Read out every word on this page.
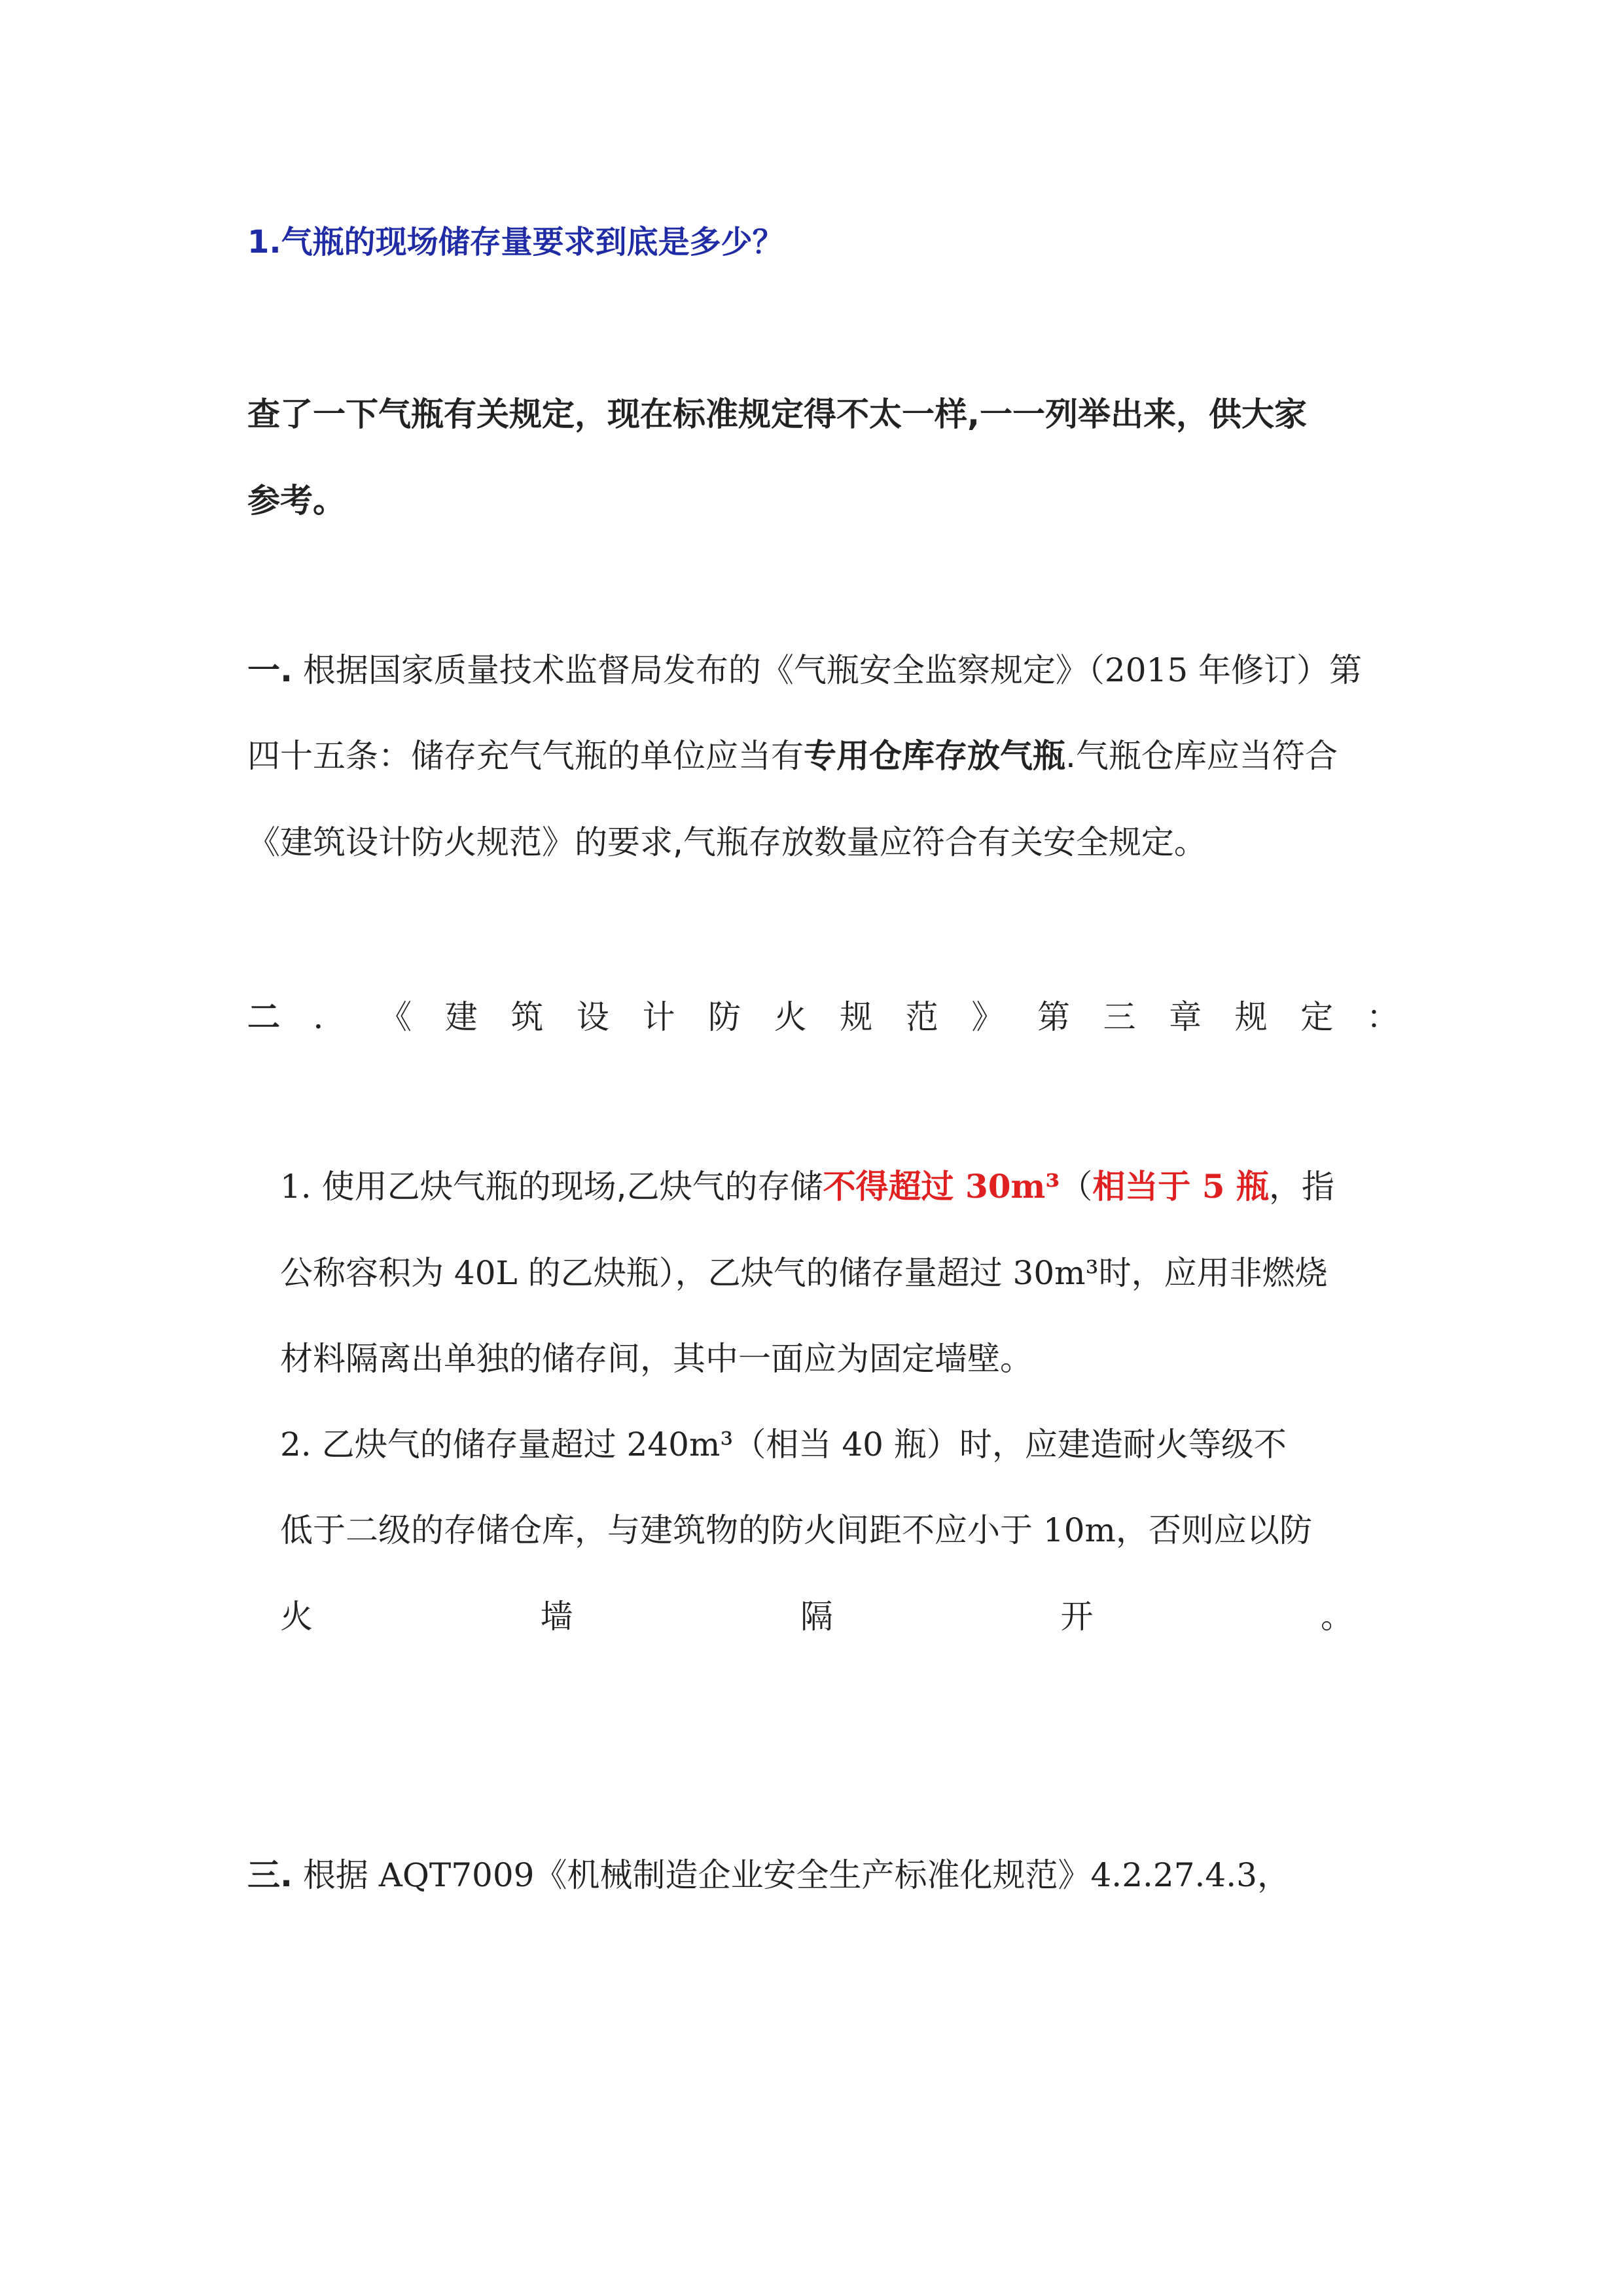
1.气瓶的现场储存量要求到底是多少？
查了一下气瓶有关规定，现在标准规定得不太一样,一一列举出来，供大家
参考。
一. 根据国家质量技术监督局发布的《气瓶安全监察规定》（2015 年修订）第
四十五条：储存充气气瓶的单位应当有专用仓库存放气瓶.气瓶仓库应当符合
《建筑设计防火规范》的要求,气瓶存放数量应符合有关安全规定。
二 ． 《 建 筑 设 计 防 火 规 范 》 第 三 章 规 定 ：
1. 使用乙炔气瓶的现场,乙炔气的存储不得超过 30m³（相当于 5 瓶，指
公称容积为 40L 的乙炔瓶），乙炔气的储存量超过 30m³时，应用非燃烧
材料隔离出单独的储存间，其中一面应为固定墙壁。
2. 乙炔气的储存量超过 240m³（相当 40 瓶）时，应建造耐火等级不
低于二级的存储仓库，与建筑物的防火间距不应小于 10m，否则应以防
火	墙	隔	开	。
三. 根据 AQT7009《机械制造企业安全生产标准化规范》4.2.27.4.3，
